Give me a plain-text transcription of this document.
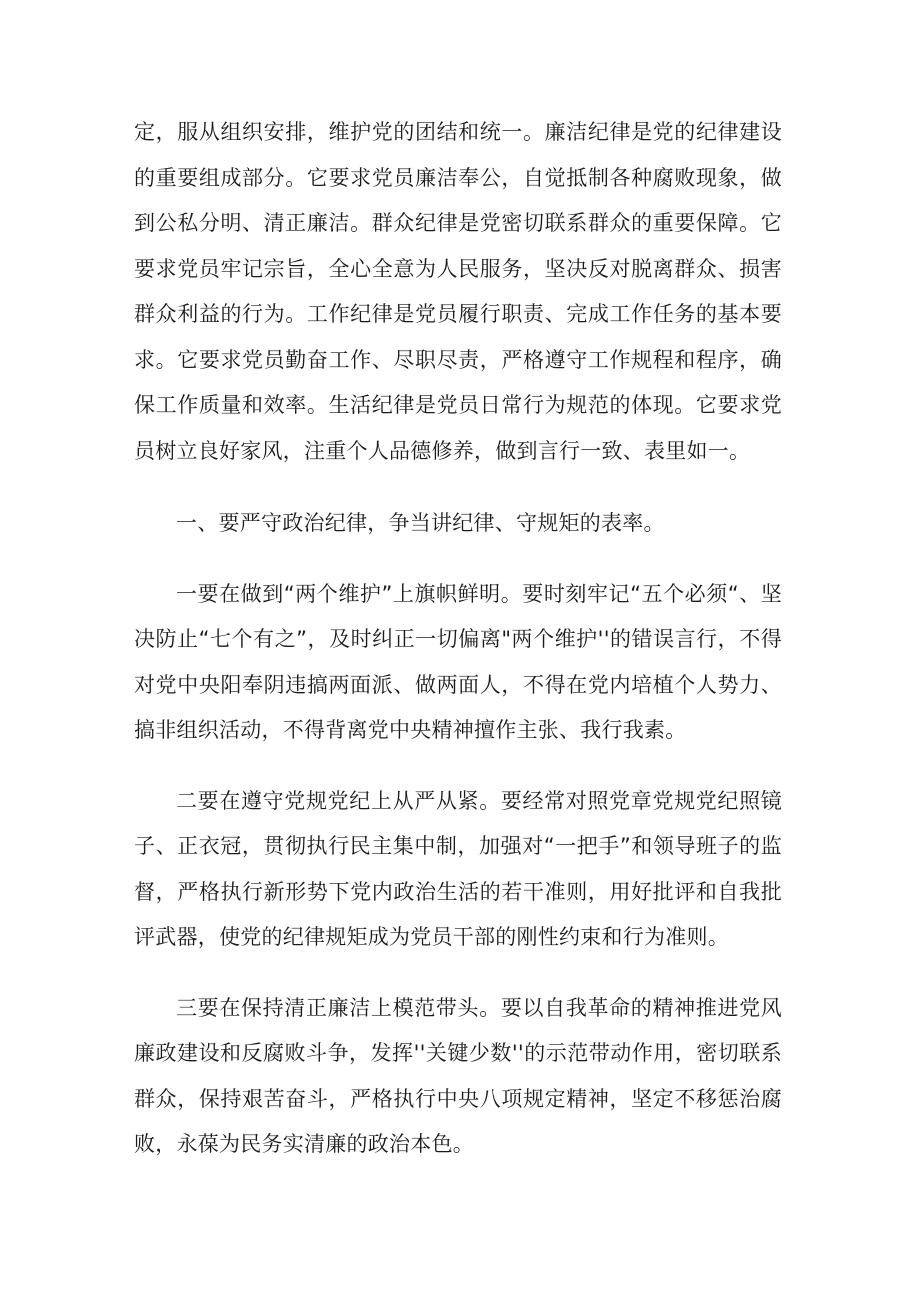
定，服从组织安排，维护党的团结和统一。廉洁纪律是党的纪律建设的重要组成部分。它要求党员廉洁奉公，自觉抵制各种腐败现象，做到公私分明、清正廉洁。群众纪律是党密切联系群众的重要保障。它要求党员牢记宗旨，全心全意为人民服务，坚决反对脱离群众、损害群众利益的行为。工作纪律是党员履行职责、完成工作任务的基本要求。它要求党员勤奋工作、尽职尽责，严格遵守工作规程和程序，确保工作质量和效率。生活纪律是党员日常行为规范的体现。它要求党员树立良好家风，注重个人品德修养，做到言行一致、表里如一。

一、要严守政治纪律，争当讲纪律、守规矩的表率。

一要在做到“两个维护”上旗帜鲜明。要时刻牢记“五个必须“、坚决防止“七个有之”，及时纠正一切偏离"两个维护''的错误言行，不得对党中央阳奉阴违搞两面派、做两面人，不得在党内培植个人势力、搞非组织活动，不得背离党中央精神擅作主张、我行我素。

二要在遵守党规党纪上从严从紧。要经常对照党章党规党纪照镜子、正衣冠，贯彻执行民主集中制，加强对“一把手”和领导班子的监督，严格执行新形势下党内政治生活的若干准则，用好批评和自我批评武器，使党的纪律规矩成为党员干部的刚性约束和行为准则。

三要在保持清正廉洁上模范带头。要以自我革命的精神推进党风廉政建设和反腐败斗争，发挥''关键少数''的示范带动作用，密切联系群众，保持艰苦奋斗，严格执行中央八项规定精神，坚定不移惩治腐败，永葆为民务实清廉的政治本色。
